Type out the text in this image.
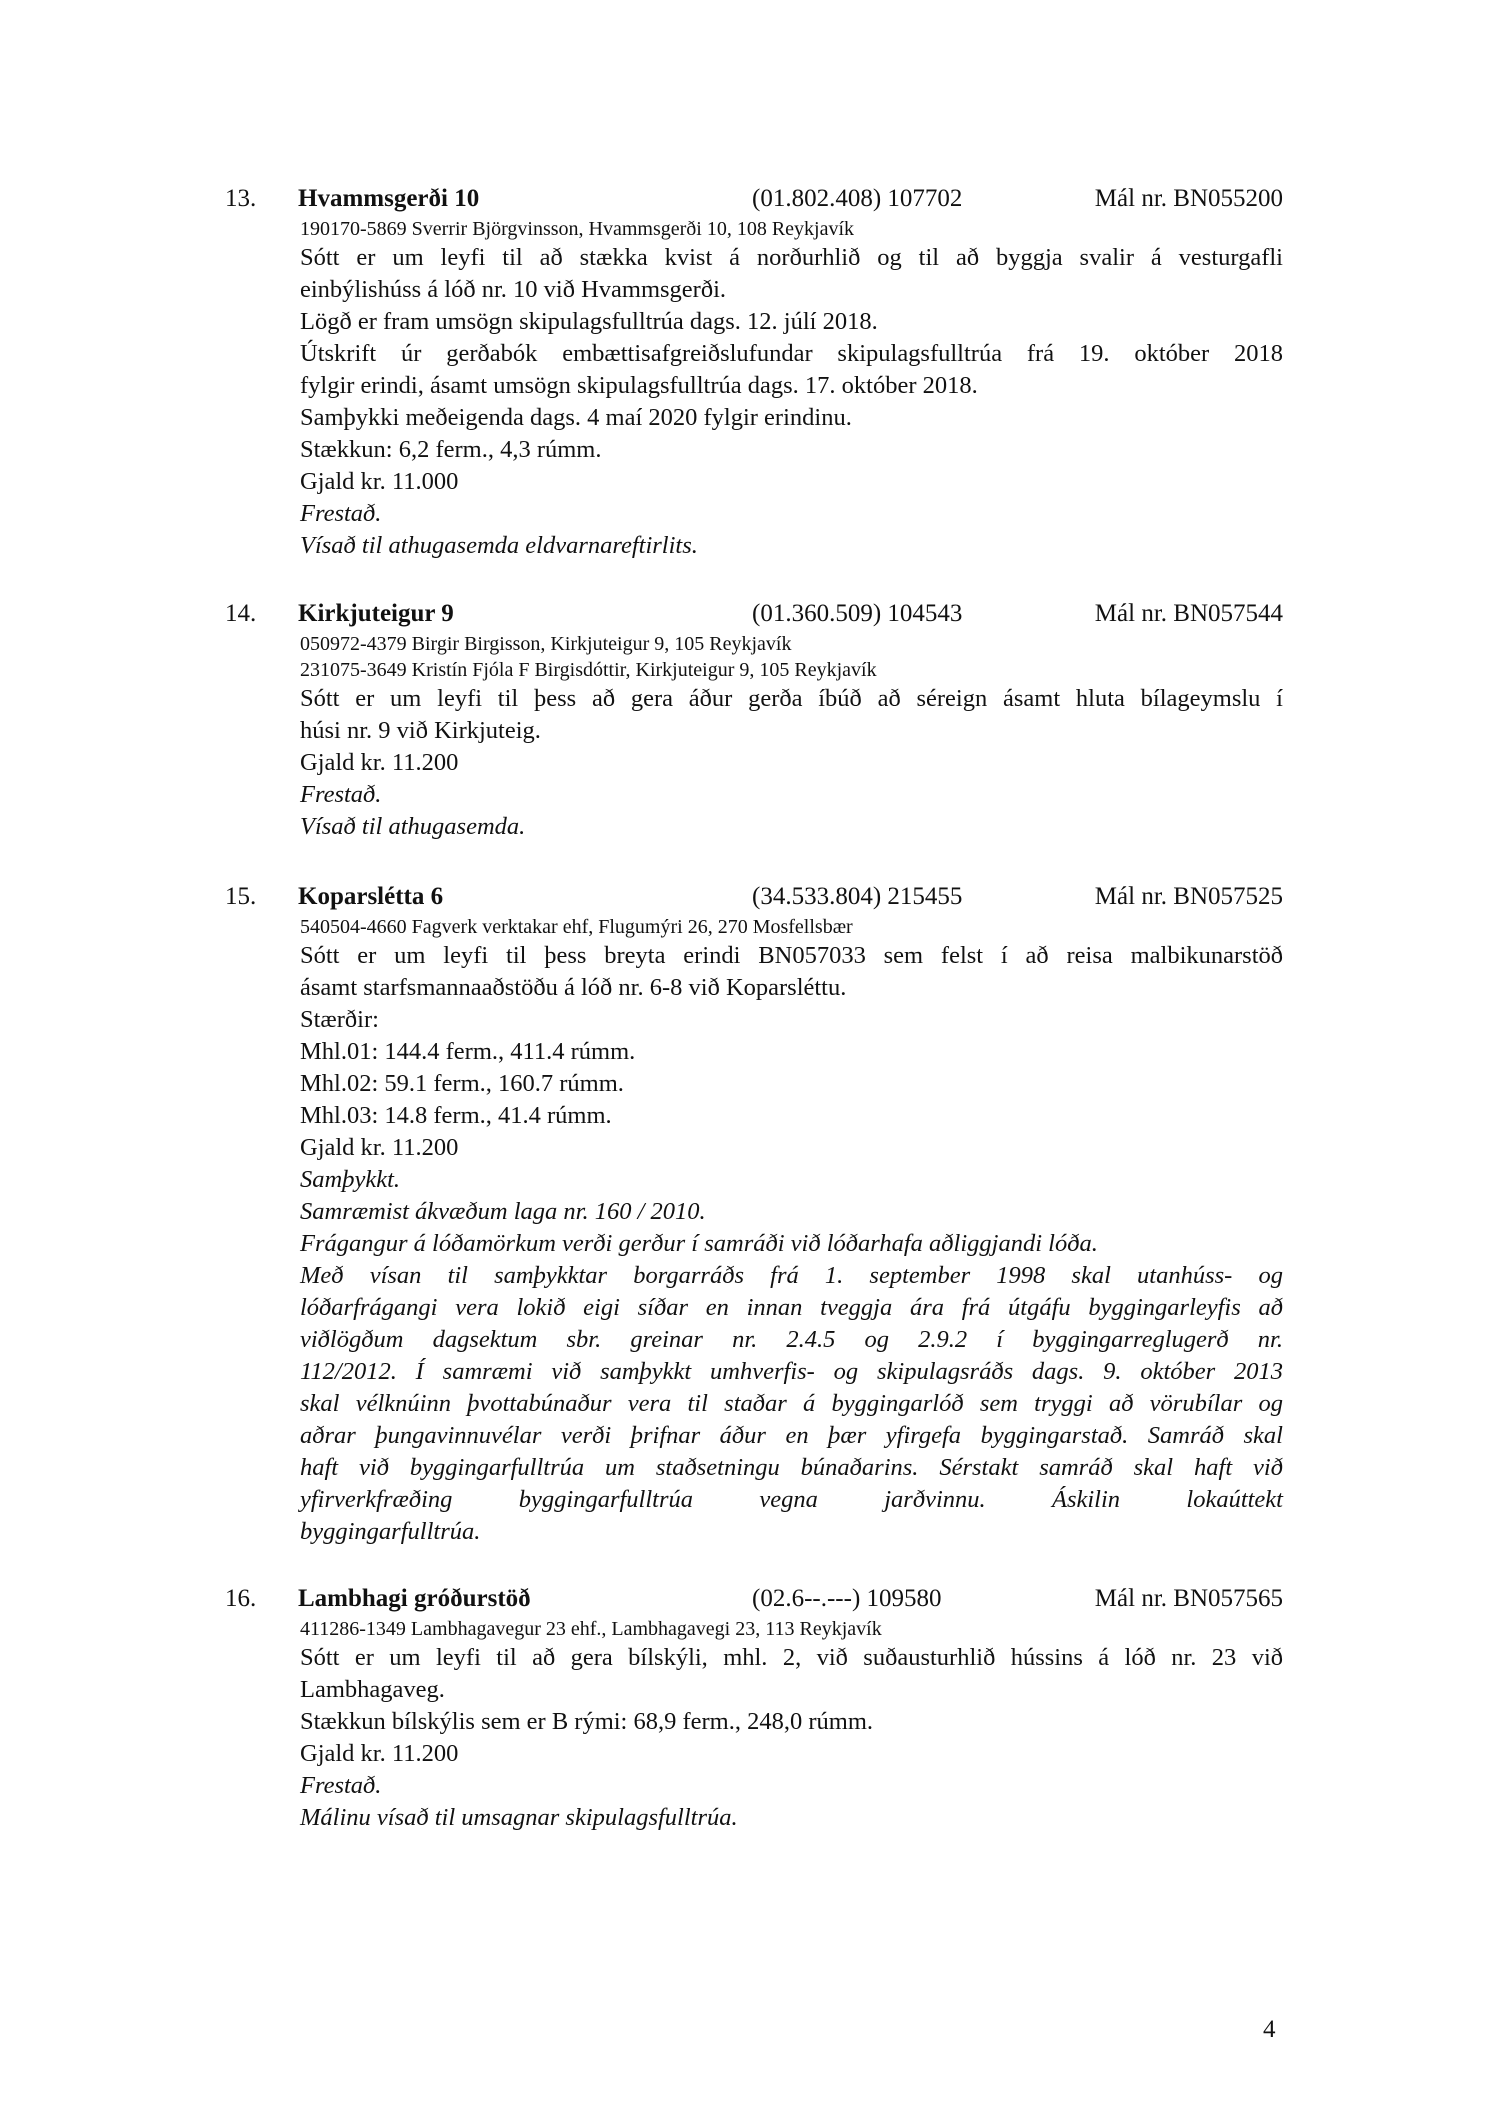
13. Hvammsgerði 10	(01.802.408) 107702	Mál nr. BN055200
190170-5869 Sverrir Björgvinsson, Hvammsgerði 10, 108 Reykjavík
Sótt er um leyfi til að stækka kvist á norðurhlið og til að byggja svalir á vesturgafli
einbýlishúss á lóð nr. 10 við Hvammsgerði.
Lögð er fram umsögn skipulagsfulltrúa dags. 12. júlí 2018.
Útskrift úr gerðabók embættisafgreiðslufundar skipulagsfulltrúa frá 19. október 2018
fylgir erindi, ásamt umsögn skipulagsfulltrúa dags. 17. október 2018.
Samþykki meðeigenda dags. 4 maí 2020 fylgir erindinu.
Stækkun: 6,2 ferm., 4,3 rúmm.
Gjald kr. 11.000
Frestað.
Vísað til athugasemda eldvarnareftirlits.
14. Kirkjuteigur 9	(01.360.509) 104543	Mál nr. BN057544
050972-4379 Birgir Birgisson, Kirkjuteigur 9, 105 Reykjavík
231075-3649 Kristín Fjóla F Birgisdóttir, Kirkjuteigur 9, 105 Reykjavík
Sótt er um leyfi til þess að gera áður gerða íbúð að séreign ásamt hluta bílageymslu í
húsi nr. 9 við Kirkjuteig.
Gjald kr. 11.200
Frestað.
Vísað til athugasemda.
15. Koparslétta 6	(34.533.804) 215455	Mál nr. BN057525
540504-4660 Fagverk verktakar ehf, Flugumýri 26, 270 Mosfellsbær
Sótt er um leyfi til þess breyta erindi BN057033 sem felst í að reisa malbikunarstöð
ásamt starfsmannaaðstöðu á lóð nr. 6-8 við Koparsléttu.
Stærðir:
Mhl.01: 144.4 ferm., 411.4 rúmm.
Mhl.02: 59.1 ferm., 160.7 rúmm.
Mhl.03: 14.8 ferm., 41.4 rúmm.
Gjald kr. 11.200
Samþykkt.
Samræmist ákvæðum laga nr. 160 / 2010.
Frágangur á lóðamörkum verði gerður í samráði við lóðarhafa aðliggjandi lóða.
Með vísan til samþykktar borgarráðs frá 1. september 1998 skal utanhúss- og
lóðarfrágangi vera lokið eigi síðar en innan tveggja ára frá útgáfu byggingarleyfis að
viðlögðum dagsektum sbr. greinar nr. 2.4.5 og 2.9.2 í byggingarreglugerð nr.
112/2012. Í samræmi við samþykkt umhverfis- og skipulagsráðs dags. 9. október 2013
skal vélknúinn þvottabúnaður vera til staðar á byggingarlóð sem tryggi að vörubílar og
aðrar þungavinnuvélar verði þrifnar áður en þær yfirgefa byggingarstað. Samráð skal
haft við byggingarfulltrúa um staðsetningu búnaðarins. Sérstakt samráð skal haft við
yfirverkfræðing byggingarfulltrúa vegna jarðvinnu. Áskilin lokaúttekt
byggingarfulltrúa.
16. Lambhagi gróðurstöð	(02.6--.---) 109580	Mál nr. BN057565
411286-1349 Lambhagavegur 23 ehf., Lambhagavegi 23, 113 Reykjavík
Sótt er um leyfi til að gera bílskýli, mhl. 2, við suðausturhlið hússins á lóð nr. 23 við
Lambhagaveg.
Stækkun bílskýlis sem er B rými: 68,9 ferm., 248,0 rúmm.
Gjald kr. 11.200
Frestað.
Málinu vísað til umsagnar skipulagsfulltrúa.
4
